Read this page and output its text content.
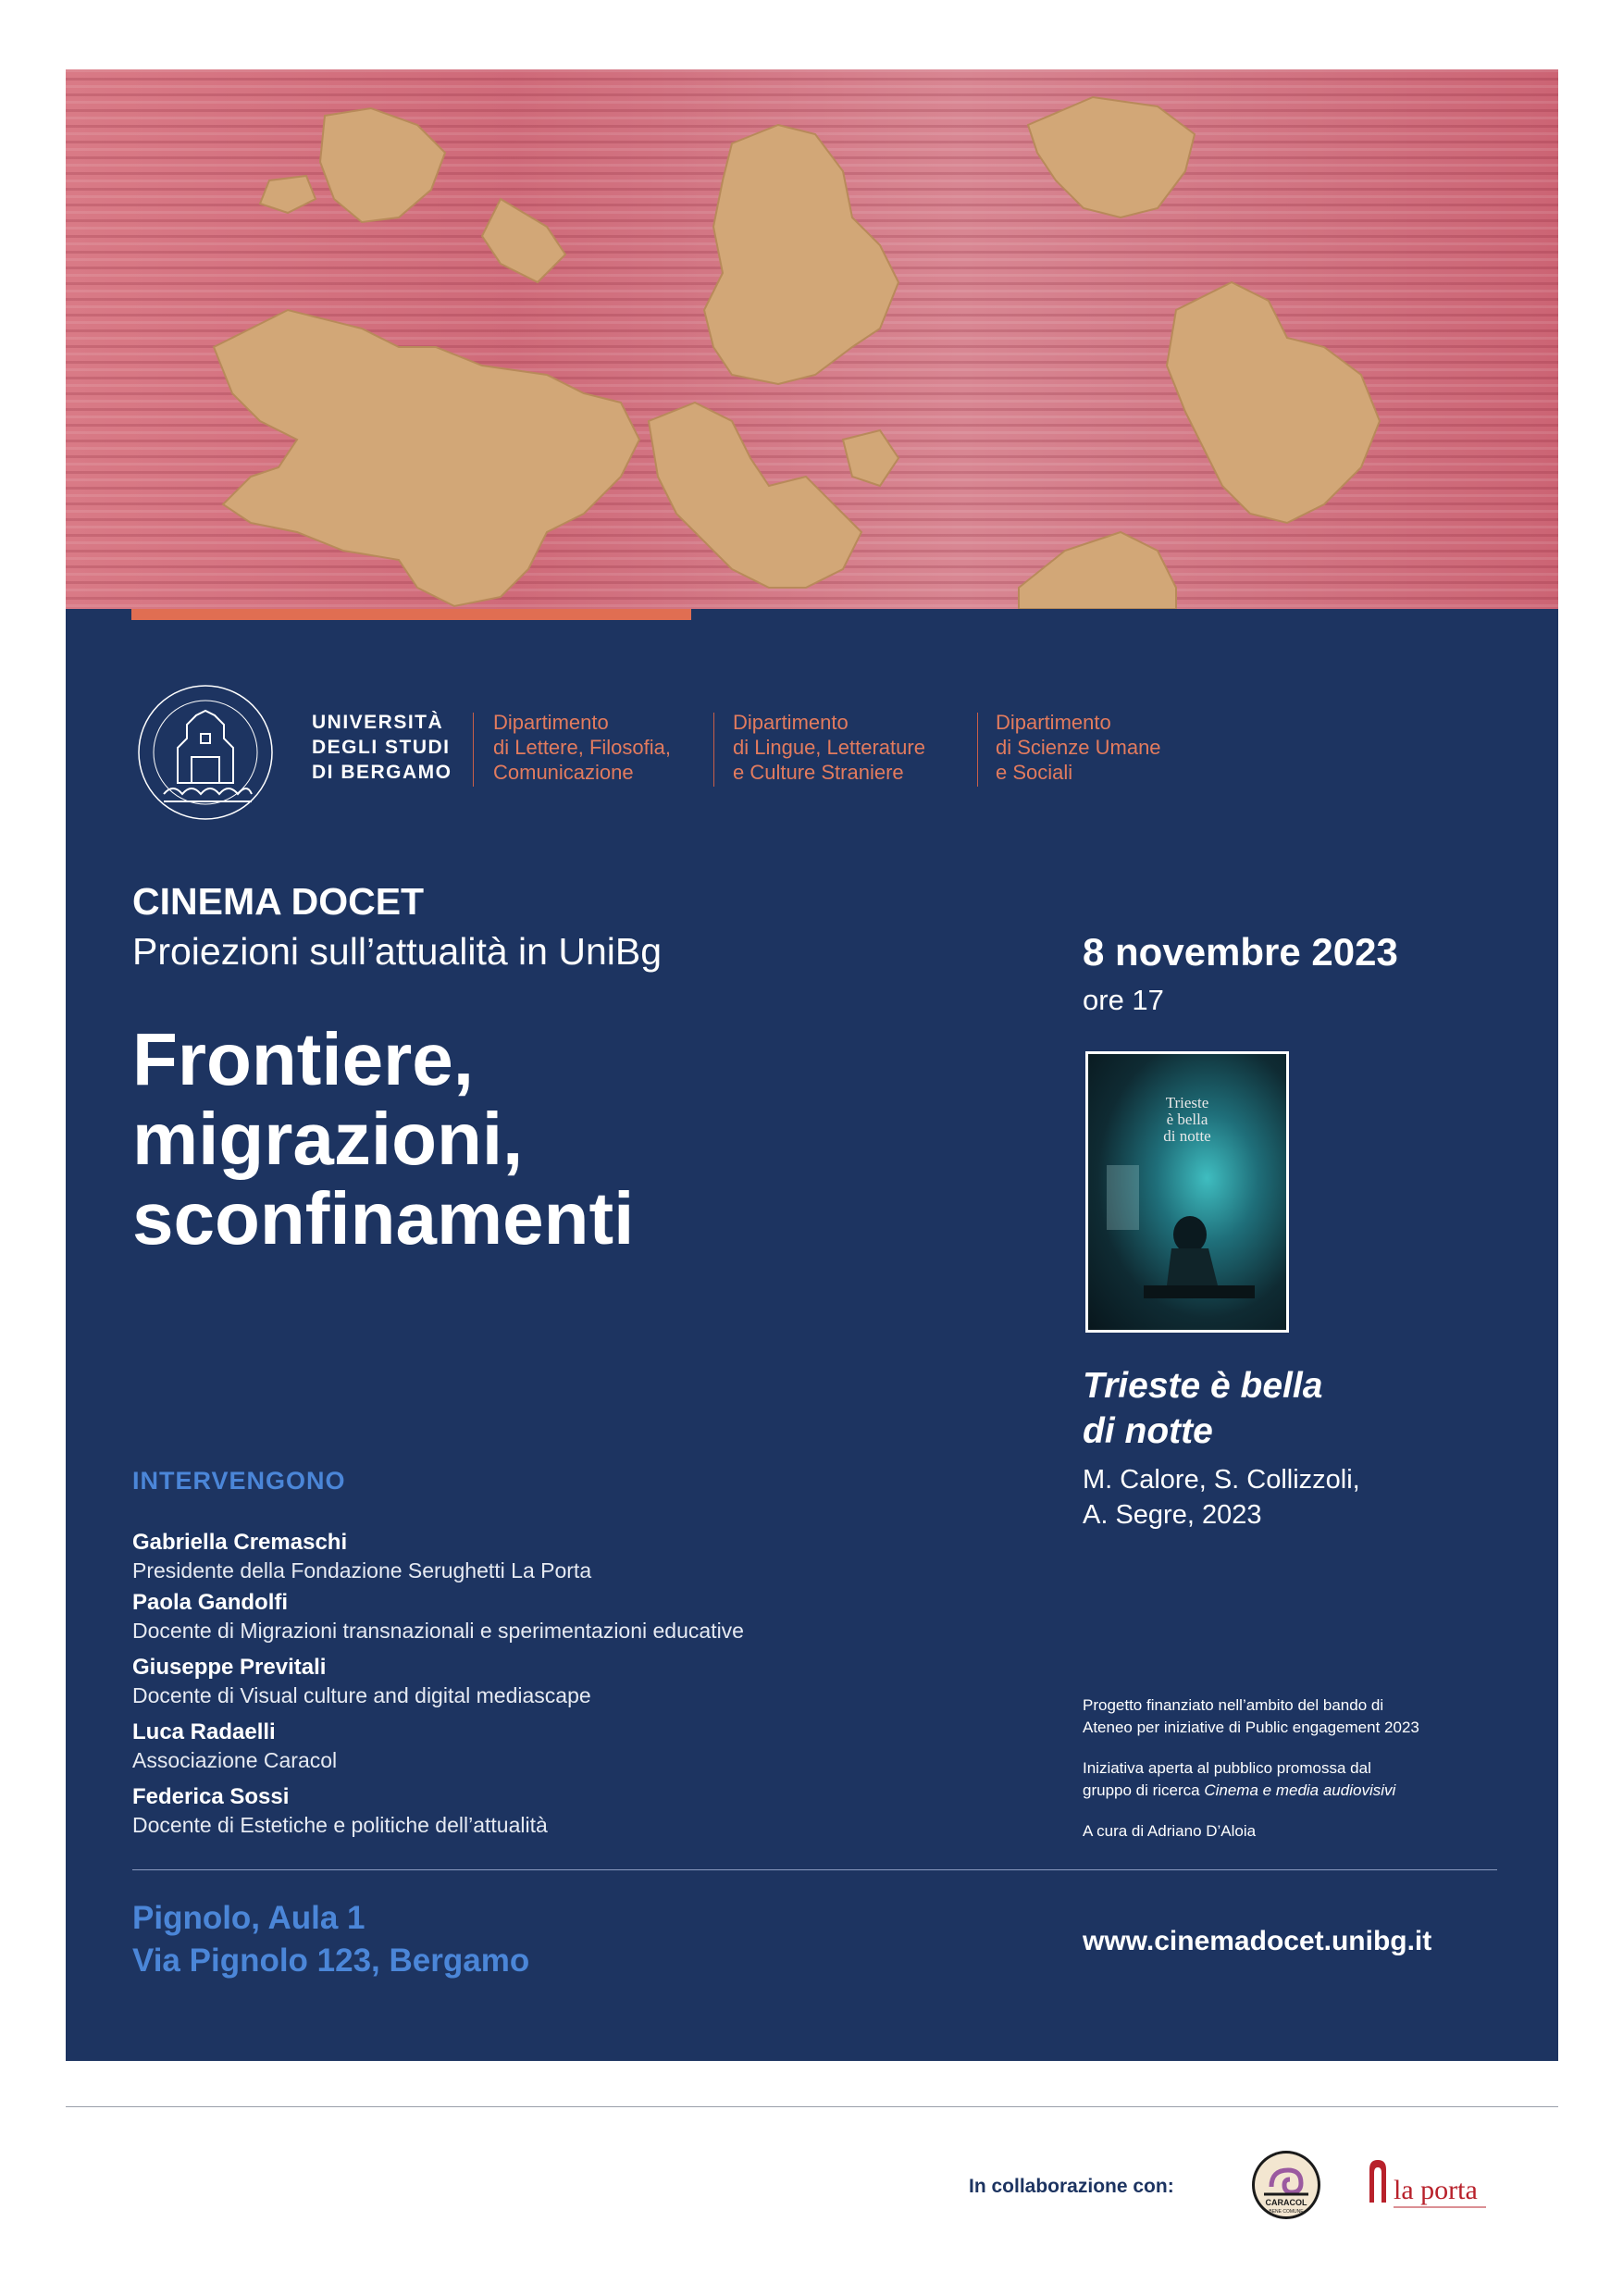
UNIVERSITÀ
DEGLI STUDI
DI BERGAMO
Dipartimento
di Lettere, Filosofia,
Comunicazione
Dipartimento
di Lingue, Letterature
e Culture Straniere
Dipartimento
di Scienze Umane
e Sociali
CINEMA DOCET
Proiezioni sull’attualità in UniBg
Frontiere,
migrazioni,
sconfinamenti
8 novembre 2023
ore 17
Trieste
è bella
di notte
Trieste è bella
di notte
M. Calore, S. Collizzoli,
A. Segre, 2023
INTERVENGONO
Gabriella Cremaschi
Presidente della Fondazione Serughetti La Porta
Paola Gandolfi
Docente di Migrazioni transnazionali e sperimentazioni educative
Giuseppe Previtali
Docente di Visual culture and digital mediascape
Luca Radaelli
Associazione Caracol
Federica Sossi
Docente di Estetiche e politiche dell’attualità
Progetto finanziato nell’ambito del bando di
Ateneo per iniziative di Public engagement 2023
Iniziativa aperta al pubblico promossa dal
gruppo di ricerca Cinema e media audiovisivi
A cura di Adriano D’Aloia
Pignolo, Aula 1
Via Pignolo 123, Bergamo
www.cinemadocet.unibg.it
In collaborazione con:
CARACOL
BENE COMUNE
la porta
